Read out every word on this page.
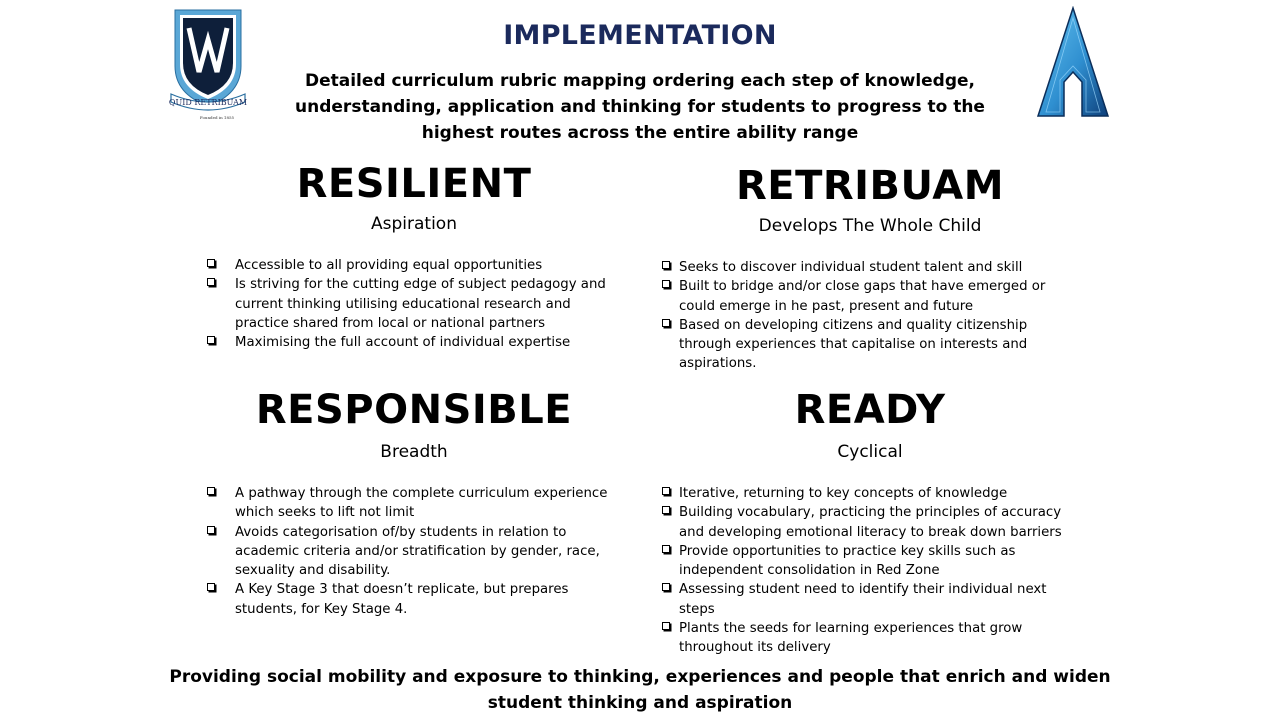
QUID RETRIBUAM
Founded in 1855
IMPLEMENTATION
Detailed curriculum rubric mapping ordering each step of knowledge, understanding, application and thinking for students to progress to the highest routes across the entire ability range
RESILIENT
Aspiration
Accessible to all providing equal opportunities
Is striving for the cutting edge of subject pedagogy and current thinking utilising educational research and practice shared from local or national partners
Maximising the full account of individual expertise
RETRIBUAM
Develops The Whole Child
Seeks to discover individual student talent and skill
Built to bridge and/or close gaps that have emerged or could emerge in he past, present and future
Based on developing citizens and quality citizenship through experiences that capitalise on interests and aspirations.
RESPONSIBLE
Breadth
A pathway through the complete curriculum experience which seeks to lift not limit
Avoids categorisation of/by students in relation to academic criteria and/or stratification by gender, race, sexuality and disability.
A Key Stage 3 that doesn’t replicate, but prepares students, for Key Stage 4.
READY
Cyclical
Iterative, returning to key concepts of knowledge
Building vocabulary, practicing the principles of accuracy and developing emotional literacy to break down barriers
Provide opportunities to practice key skills such as independent consolidation in Red Zone
Assessing student need to identify their individual next steps
Plants the seeds for learning experiences that grow throughout its delivery
Providing social mobility and exposure to thinking, experiences and people that enrich and widen student thinking and aspiration
